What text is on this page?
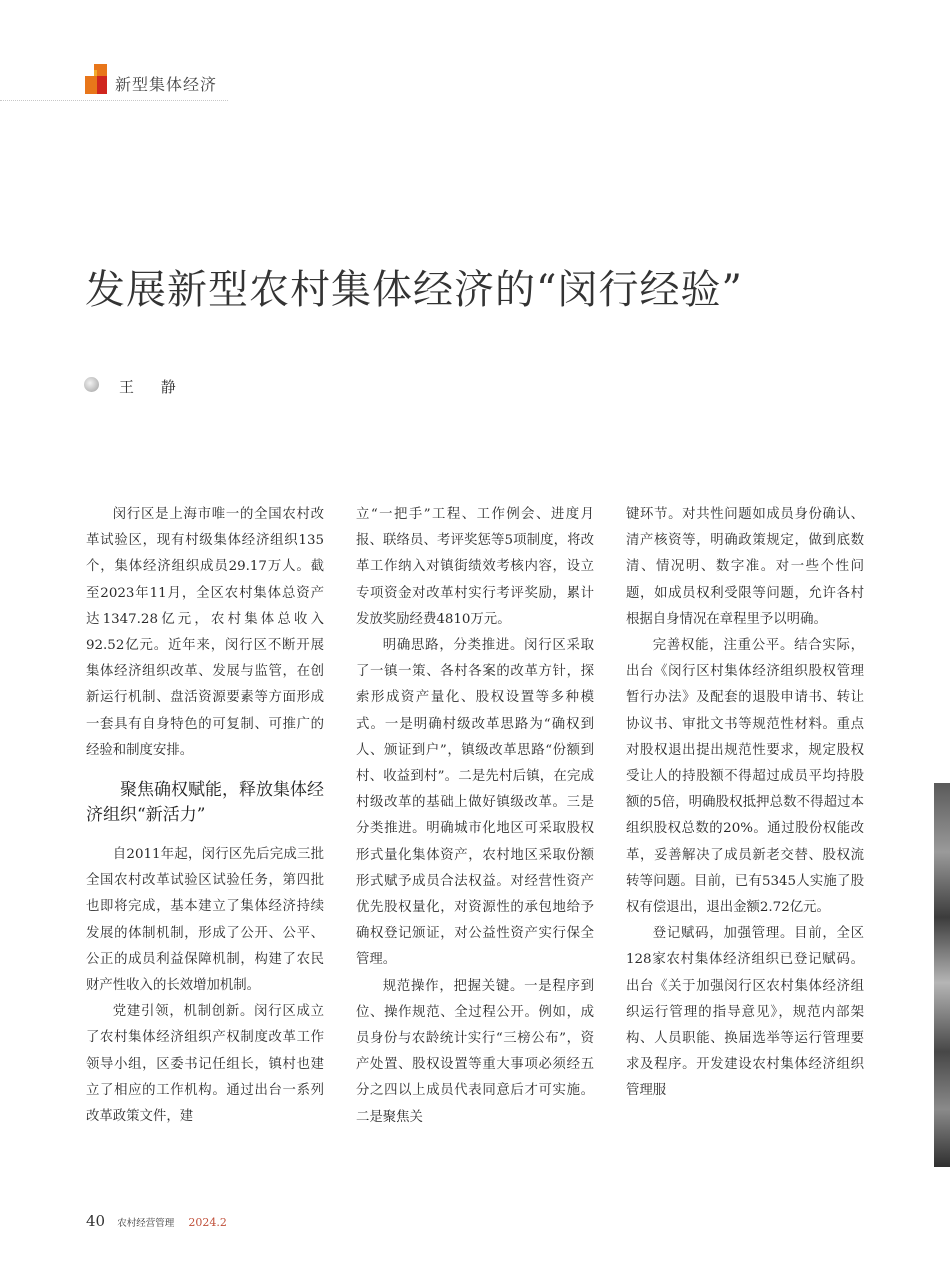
新型集体经济
发展新型农村集体经济的“闵行经验”
王 静

闵行区是上海市唯一的全国农村改革试验区，现有村级集体经济组织135个，集体经济组织成员29.17万人。截至2023年11月，全区农村集体总资产达1347.28亿元，农村集体总收入92.52亿元。近年来，闵行区不断开展集体经济组织改革、发展与监管，在创新运行机制、盘活资源要素等方面形成一套具有自身特色的可复制、可推广的经验和制度安排。

聚焦确权赋能，释放集体经济组织“新活力”

自2011年起，闵行区先后完成三批全国农村改革试验区试验任务，第四批也即将完成，基本建立了集体经济持续发展的体制机制，形成了公开、公平、公正的成员利益保障机制，构建了农民财产性收入的长效增加机制。

党建引领，机制创新。闵行区成立了农村集体经济组织产权制度改革工作领导小组，区委书记任组长，镇村也建立了相应的工作机构。通过出台一系列改革政策文件，建

立“一把手”工程、工作例会、进度月报、联络员、考评奖惩等5项制度，将改革工作纳入对镇街绩效考核内容，设立专项资金对改革村实行考评奖励，累计发放奖励经费4810万元。

明确思路，分类推进。闵行区采取了一镇一策、各村各案的改革方针，探索形成资产量化、股权设置等多种模式。一是明确村级改革思路为“确权到人、颁证到户”，镇级改革思路“份额到村、收益到村”。二是先村后镇，在完成村级改革的基础上做好镇级改革。三是分类推进。明确城市化地区可采取股权形式量化集体资产，农村地区采取份额形式赋予成员合法权益。对经营性资产优先股权量化，对资源性的承包地给予确权登记颁证，对公益性资产实行保全管理。

规范操作，把握关键。一是程序到位、操作规范、全过程公开。例如，成员身份与农龄统计实行“三榜公布”，资产处置、股权设置等重大事项必须经五分之四以上成员代表同意后才可实施。二是聚焦关

键环节。对共性问题如成员身份确认、清产核资等，明确政策规定，做到底数清、情况明、数字准。对一些个性问题，如成员权利受限等问题，允许各村根据自身情况在章程里予以明确。

完善权能，注重公平。结合实际，出台《闵行区村集体经济组织股权管理暂行办法》及配套的退股申请书、转让协议书、审批文书等规范性材料。重点对股权退出提出规范性要求，规定股权受让人的持股额不得超过成员平均持股额的5倍，明确股权抵押总数不得超过本组织股权总数的20%。通过股份权能改革，妥善解决了成员新老交替、股权流转等问题。目前，已有5345人实施了股权有偿退出，退出金额2.72亿元。

登记赋码，加强管理。目前，全区128家农村集体经济组织已登记赋码。出台《关于加强闵行区农村集体经济组织运行管理的指导意见》，规范内部架构、人员职能、换届选举等运行管理要求及程序。开发建设农村集体经济组织管理服

40 农村经营管理 2024.2
